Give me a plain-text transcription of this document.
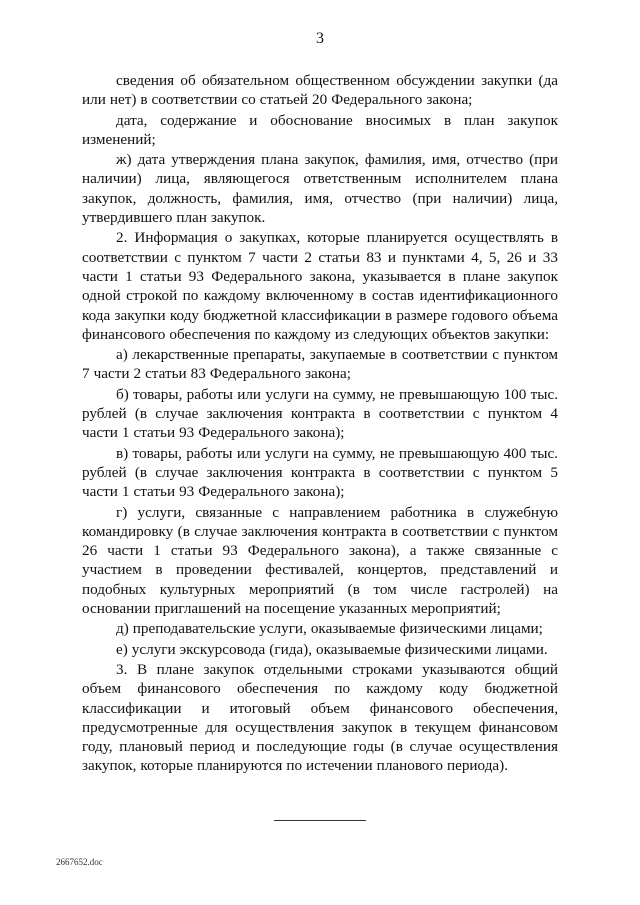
3

сведения об обязательном общественном обсуждении закупки (да или нет) в соответствии со статьей 20 Федерального закона;

дата, содержание и обоснование вносимых в план закупок изменений;

ж) дата утверждения плана закупок, фамилия, имя, отчество (при наличии) лица, являющегося ответственным исполнителем плана закупок, должность, фамилия, имя, отчество (при наличии) лица, утвердившего план закупок.

2. Информация о закупках, которые планируется осуществлять в соответствии с пунктом 7 части 2 статьи 83 и пунктами 4, 5, 26 и 33 части 1 статьи 93 Федерального закона, указывается в плане закупок одной строкой по каждому включенному в состав идентификационного кода закупки коду бюджетной классификации в размере годового объема финансового обеспечения по каждому из следующих объектов закупки:

а) лекарственные препараты, закупаемые в соответствии с пунктом 7 части 2 статьи 83 Федерального закона;

б) товары, работы или услуги на сумму, не превышающую 100 тыс. рублей (в случае заключения контракта в соответствии с пунктом 4 части 1 статьи 93 Федерального закона);

в) товары, работы или услуги на сумму, не превышающую 400 тыс. рублей (в случае заключения контракта в соответствии с пунктом 5 части 1 статьи 93 Федерального закона);

г) услуги, связанные с направлением работника в служебную командировку (в случае заключения контракта в соответствии с пунктом 26 части 1 статьи 93 Федерального закона), а также связанные с участием в проведении фестивалей, концертов, представлений и подобных культурных мероприятий (в том числе гастролей) на основании приглашений на посещение указанных мероприятий;

д) преподавательские услуги, оказываемые физическими лицами;

е) услуги экскурсовода (гида), оказываемые физическими лицами.

3. В плане закупок отдельными строками указываются общий объем финансового обеспечения по каждому коду бюджетной классификации и итоговый объем финансового обеспечения, предусмотренные для осуществления закупок в текущем финансовом году, плановый период и последующие годы (в случае осуществления закупок, которые планируются по истечении планового периода).

2667652.doc
